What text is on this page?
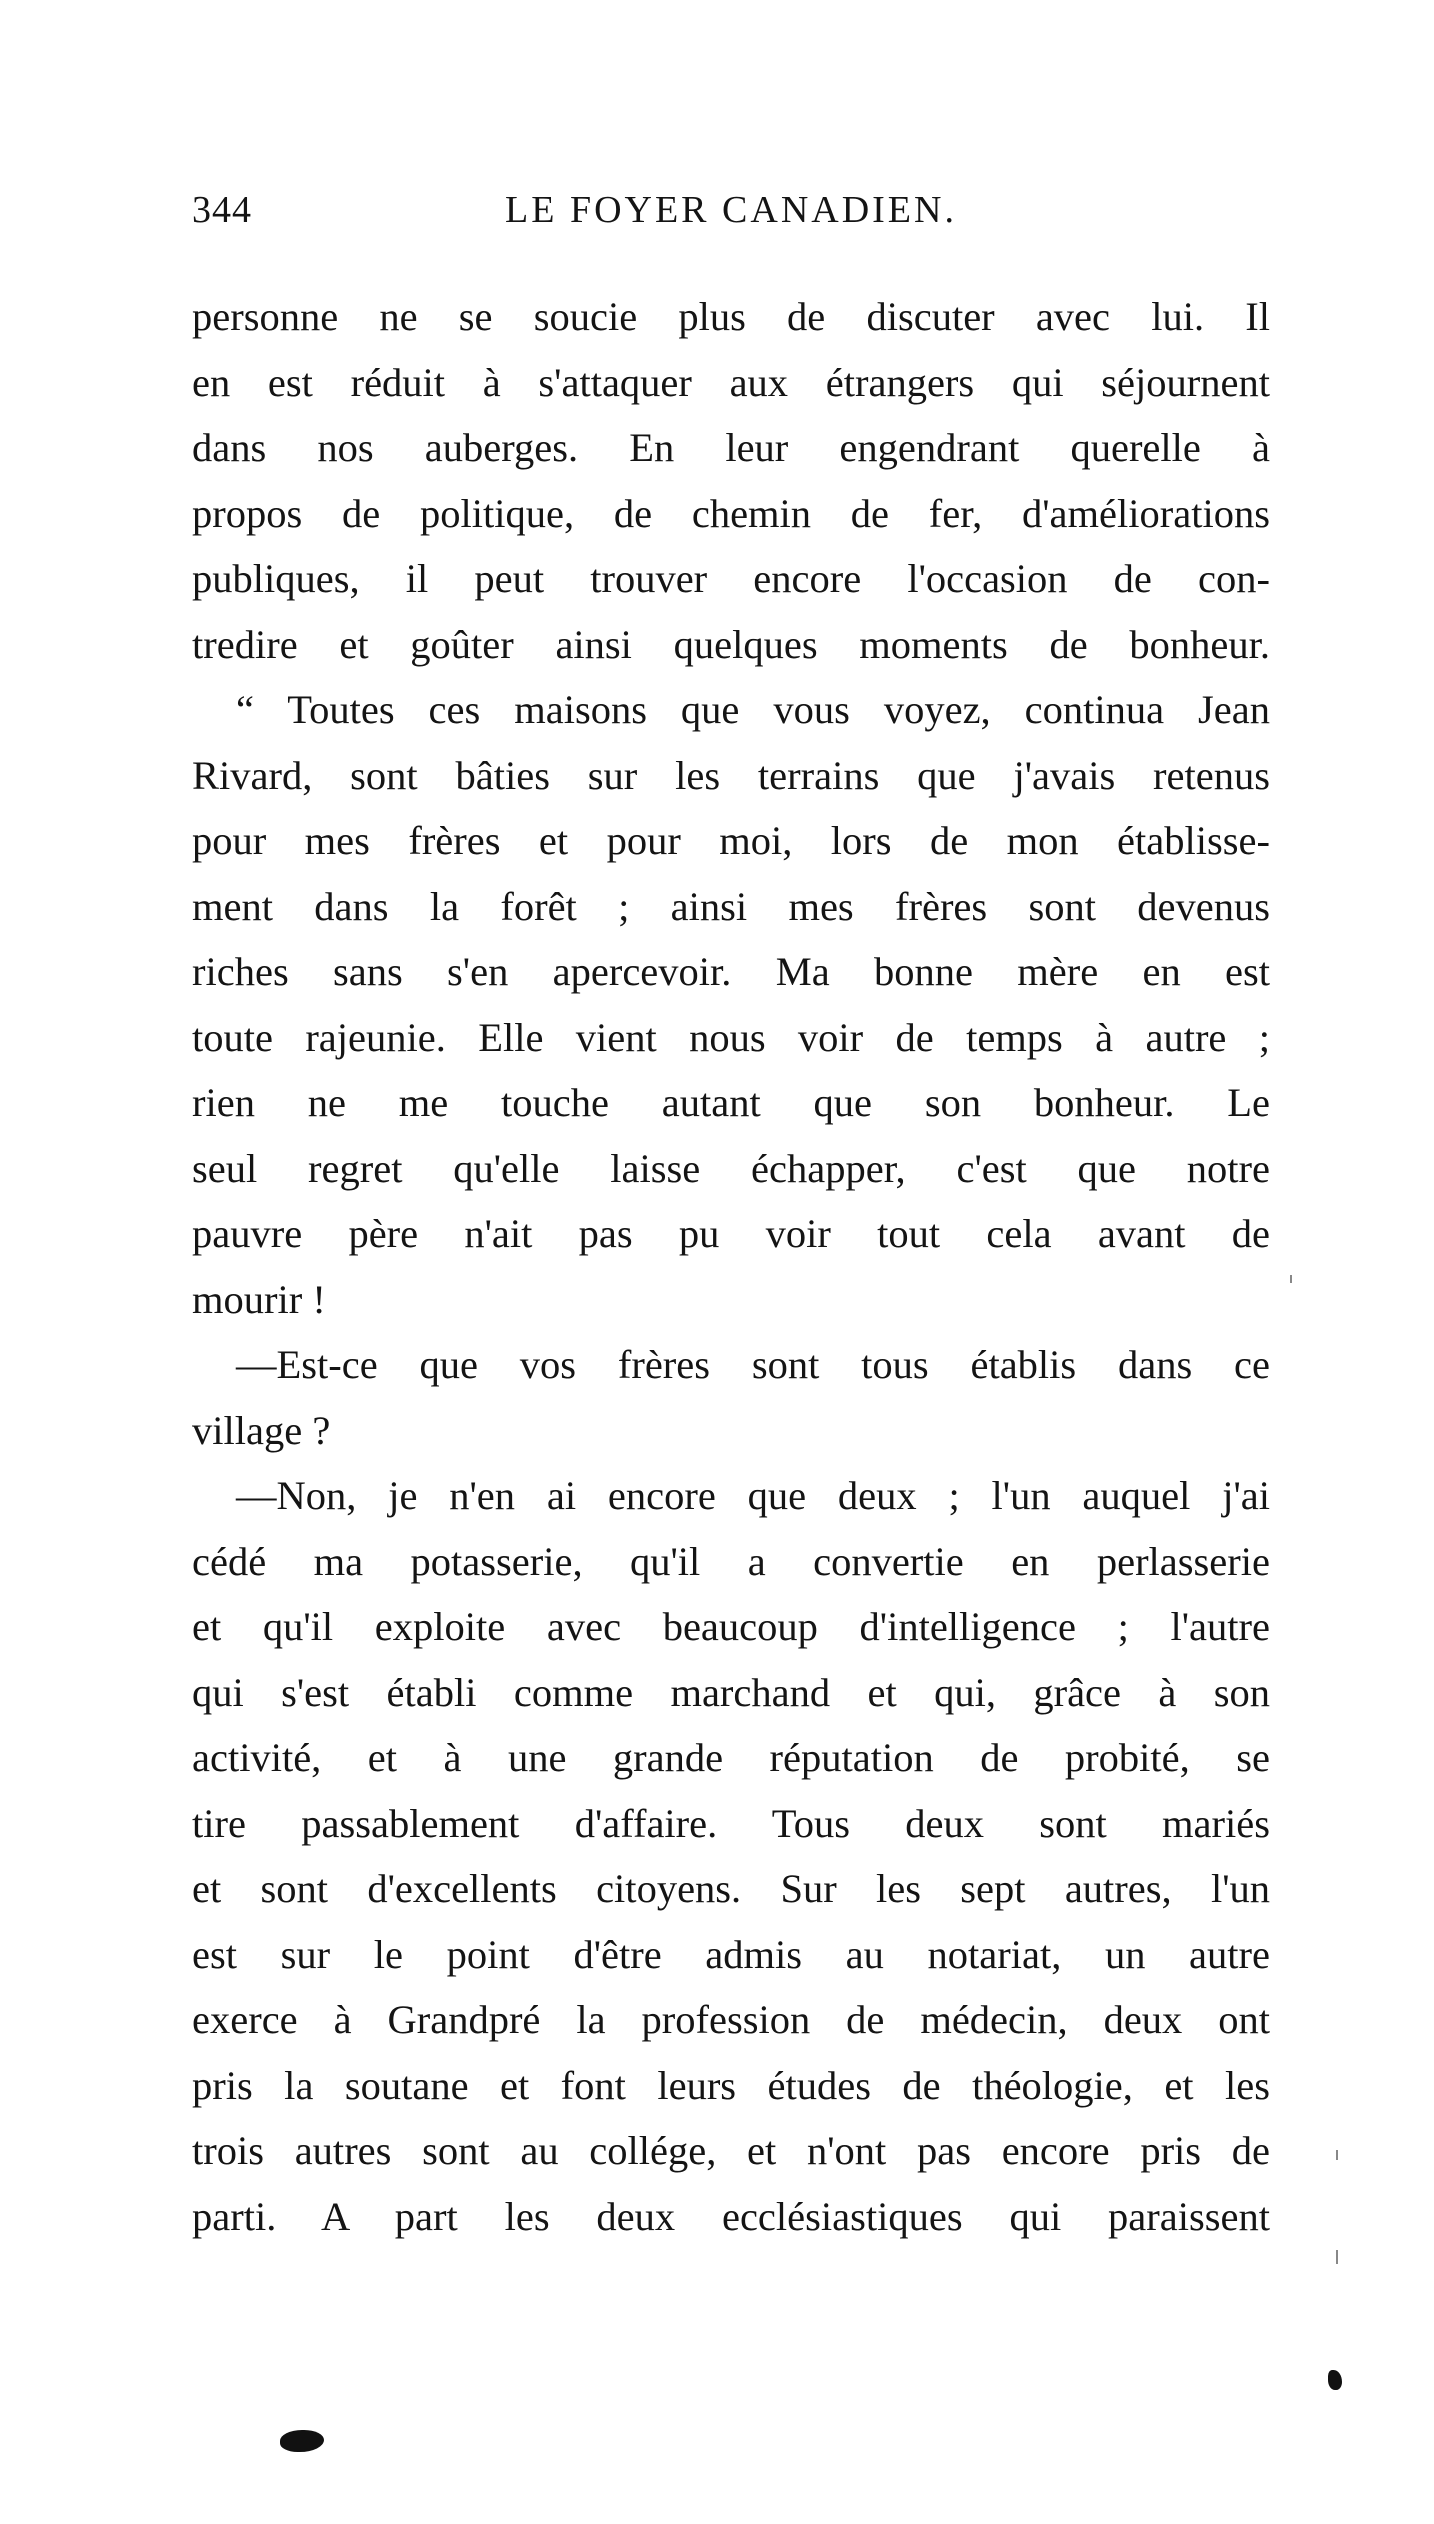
344	LE FOYER CANADIEN.
personne ne se soucie plus de discuter avec lui. Il
en est réduit à s'attaquer aux étrangers qui séjournent
dans nos auberges. En leur engendrant querelle à
propos de politique, de chemin de fer, d'améliorations
publiques, il peut trouver encore l'occasion de con-
tredire et goûter ainsi quelques moments de bonheur.
“ Toutes ces maisons que vous voyez, continua Jean
Rivard, sont bâties sur les terrains que j'avais retenus
pour mes frères et pour moi, lors de mon établisse-
ment dans la forêt ; ainsi mes frères sont devenus
riches sans s'en apercevoir. Ma bonne mère en est
toute rajeunie. Elle vient nous voir de temps à autre ;
rien ne me touche autant que son bonheur. Le
seul regret qu'elle laisse échapper, c'est que notre
pauvre père n'ait pas pu voir tout cela avant de
mourir !
—Est-ce que vos frères sont tous établis dans ce
village ?
—Non, je n'en ai encore que deux ; l'un auquel j'ai
cédé ma potasserie, qu'il a convertie en perlasserie
et qu'il exploite avec beaucoup d'intelligence ; l'autre
qui s'est établi comme marchand et qui, grâce à son
activité, et à une grande réputation de probité, se
tire passablement d'affaire. Tous deux sont mariés
et sont d'excellents citoyens. Sur les sept autres, l'un
est sur le point d'être admis au notariat, un autre
exerce à Grandpré la profession de médecin, deux ont
pris la soutane et font leurs études de théologie, et les
trois autres sont au collége, et n'ont pas encore pris de
parti. A part les deux ecclésiastiques qui paraissent
